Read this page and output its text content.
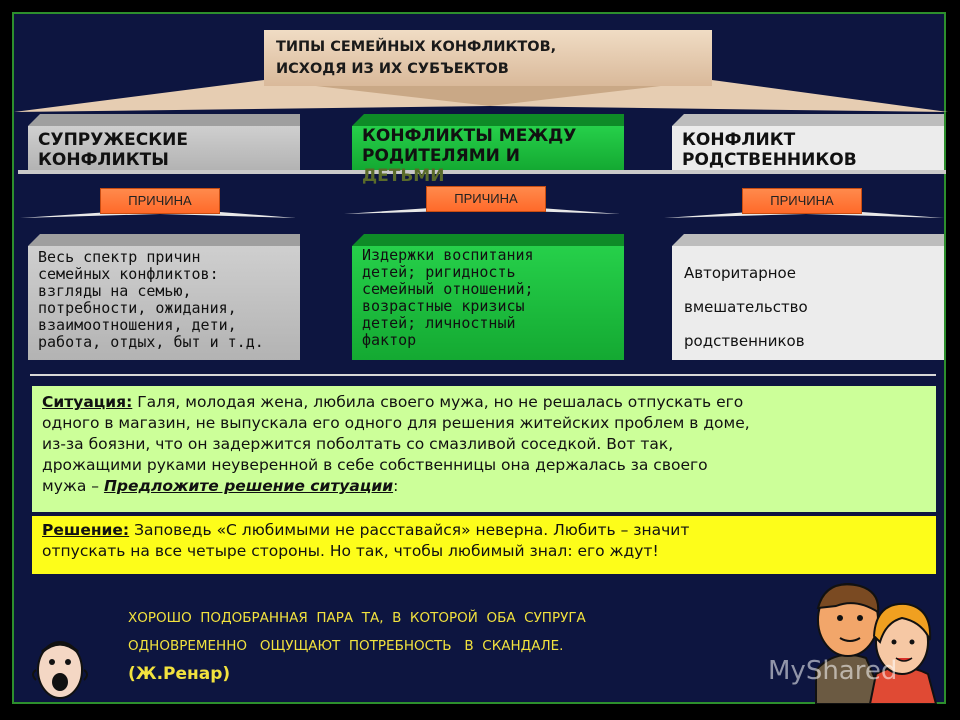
ТИПЫ СЕМЕЙНЫХ КОНФЛИКТОВ,
ИСХОДЯ ИЗ ИХ СУБЪЕКТОВ
СУПРУЖЕСКИЕ
КОНФЛИКТЫ
КОНФЛИКТЫ МЕЖДУ
РОДИТЕЛЯМИ И
ДЕТЬМИ
КОНФЛИКТ
РОДСТВЕННИКОВ
ПРИЧИНА	ПРИЧИНА	ПРИЧИНА
Весь спектр причин
семейных конфликтов:
взгляды на семью,
потребности, ожидания,
взаимоотношения, дети,
работа, отдых, быт и т.д.
Издержки воспитания
детей; ригидность
семейный отношений;
возрастные кризисы
детей; личностный
фактор
Авторитарное
вмешательство
родственников
Ситуация: Галя, молодая жена, любила своего мужа, но не решалась отпускать его
одного в магазин, не выпускала его одного для решения житейских проблем в доме,
из-за боязни, что он задержится поболтать со смазливой соседкой. Вот так,
дрожащими руками неуверенной в себе собственницы она держалась за своего
мужа – Предложите решение ситуации:
Решение: Заповедь «С любимыми не расставайся» неверна. Любить – значит
отпускать на все четыре стороны. Но так, чтобы любимый знал: его ждут!
ХОРОШО  ПОДОБРАННАЯ  ПАРА  ТА,  В  КОТОРОЙ  ОБА  СУПРУГА
ОДНОВРЕМЕННО   ОЩУЩАЮТ  ПОТРЕБНОСТЬ   В  СКАНДАЛЕ.
(Ж.Ренар)	MyShared
